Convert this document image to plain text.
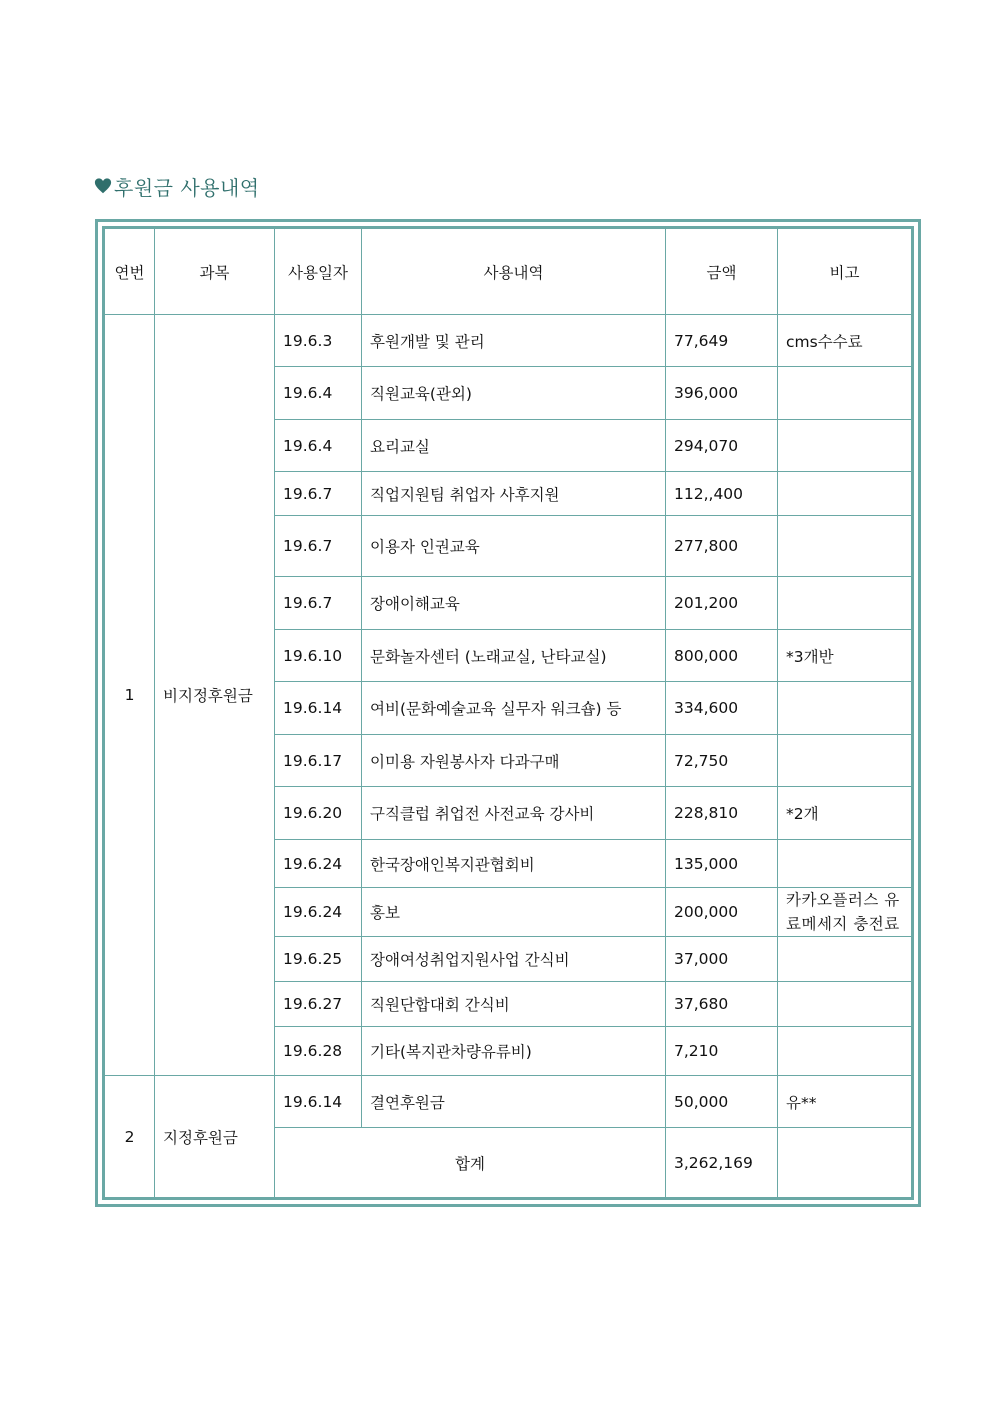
후원금 사용내역
연번	과목	사용일자	사용내역	금액	비고
1	비지정후원금	19.6.3	후원개발 및 관리	77,649	cms수수료
		19.6.4	직원교육(관외)	396,000	
		19.6.4	요리교실	294,070	
		19.6.7	직업지원팀 취업자 사후지원	112,,400	
		19.6.7	이용자 인권교육	277,800	
		19.6.7	장애이해교육	201,200	
		19.6.10	문화놀자센터 (노래교실, 난타교실)	800,000	*3개반
		19.6.14	여비(문화예술교육 실무자 워크숍) 등	334,600	
		19.6.17	이미용 자원봉사자 다과구매	72,750	
		19.6.20	구직클럽 취업전 사전교육 강사비	228,810	*2개
		19.6.24	한국장애인복지관협회비	135,000	
		19.6.24	홍보	200,000	카카오플러스 유료메세지 충전료
		19.6.25	장애여성취업지원사업 간식비	37,000	
		19.6.27	직원단합대회 간식비	37,680	
		19.6.28	기타(복지관차량유류비)	7,210	
2	지정후원금	19.6.14	결연후원금	50,000	유**
		합계		3,262,169	
